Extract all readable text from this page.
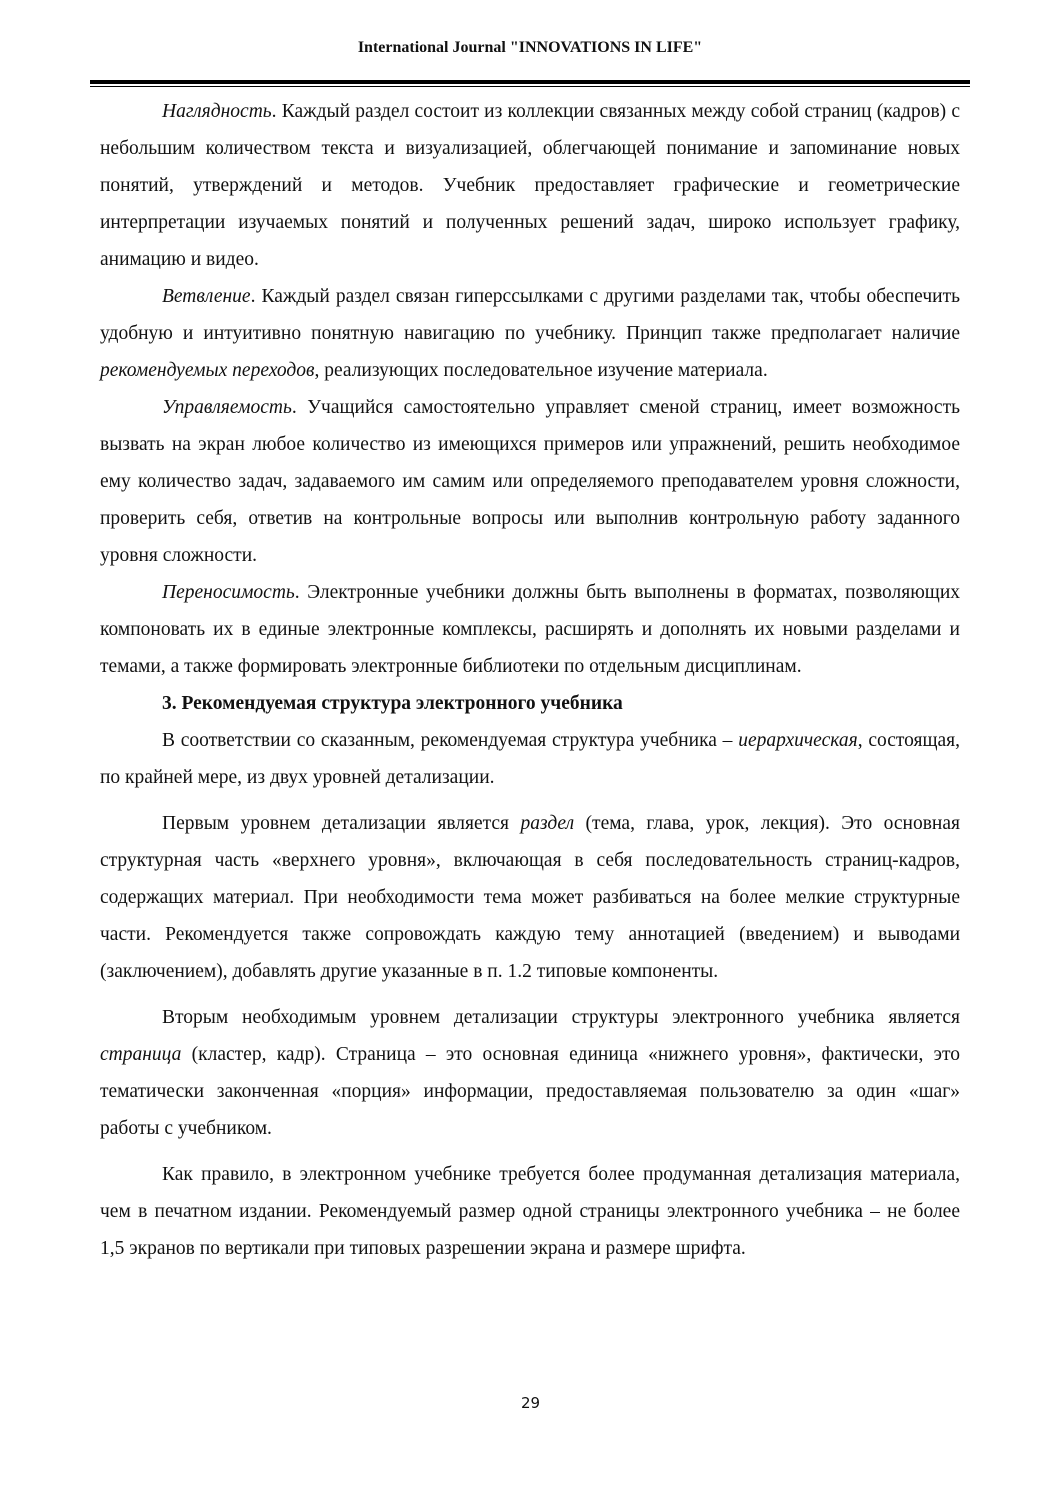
International Journal "INNOVATIONS IN LIFE"

Наглядность. Каждый раздел состоит из коллекции связанных между собой страниц (кадров) с небольшим количеством текста и визуализацией, облегчающей понимание и запоминание новых понятий, утверждений и методов. Учебник предоставляет графические и геометрические интерпретации изучаемых понятий и полученных решений задач, широко использует графику, анимацию и видео.

Ветвление. Каждый раздел связан гиперссылками с другими разделами так, чтобы обеспечить удобную и интуитивно понятную навигацию по учебнику. Принцип также предполагает наличие рекомендуемых переходов, реализующих последовательное изучение материала.

Управляемость. Учащийся самостоятельно управляет сменой страниц, имеет возможность вызвать на экран любое количество из имеющихся примеров или упражнений, решить необходимое ему количество задач, задаваемого им самим или определяемого преподавателем уровня сложности, проверить себя, ответив на контрольные вопросы или выполнив контрольную работу заданного уровня сложности.

Переносимость. Электронные учебники должны быть выполнены в форматах, позволяющих компоновать их в единые электронные комплексы, расширять и дополнять их новыми разделами и темами, а также формировать электронные библиотеки по отдельным дисциплинам.

3. Рекомендуемая структура электронного учебника

В соответствии со сказанным, рекомендуемая структура учебника – иерархическая, состоящая, по крайней мере, из двух уровней детализации.

Первым уровнем детализации является раздел (тема, глава, урок, лекция). Это основная структурная часть «верхнего уровня», включающая в себя последовательность страниц-кадров, содержащих материал. При необходимости тема может разбиваться на более мелкие структурные части. Рекомендуется также сопровождать каждую тему аннотацией (введением) и выводами (заключением), добавлять другие указанные в п. 1.2 типовые компоненты.

Вторым необходимым уровнем детализации структуры электронного учебника является страница (кластер, кадр). Страница – это основная единица «нижнего уровня», фактически, это тематически законченная «порция» информации, предоставляемая пользователю за один «шаг» работы с учебником.

Как правило, в электронном учебнике требуется более продуманная детализация материала, чем в печатном издании. Рекомендуемый размер одной страницы электронного учебника – не более 1,5 экранов по вертикали при типовых разрешении экрана и размере шрифта.

29
